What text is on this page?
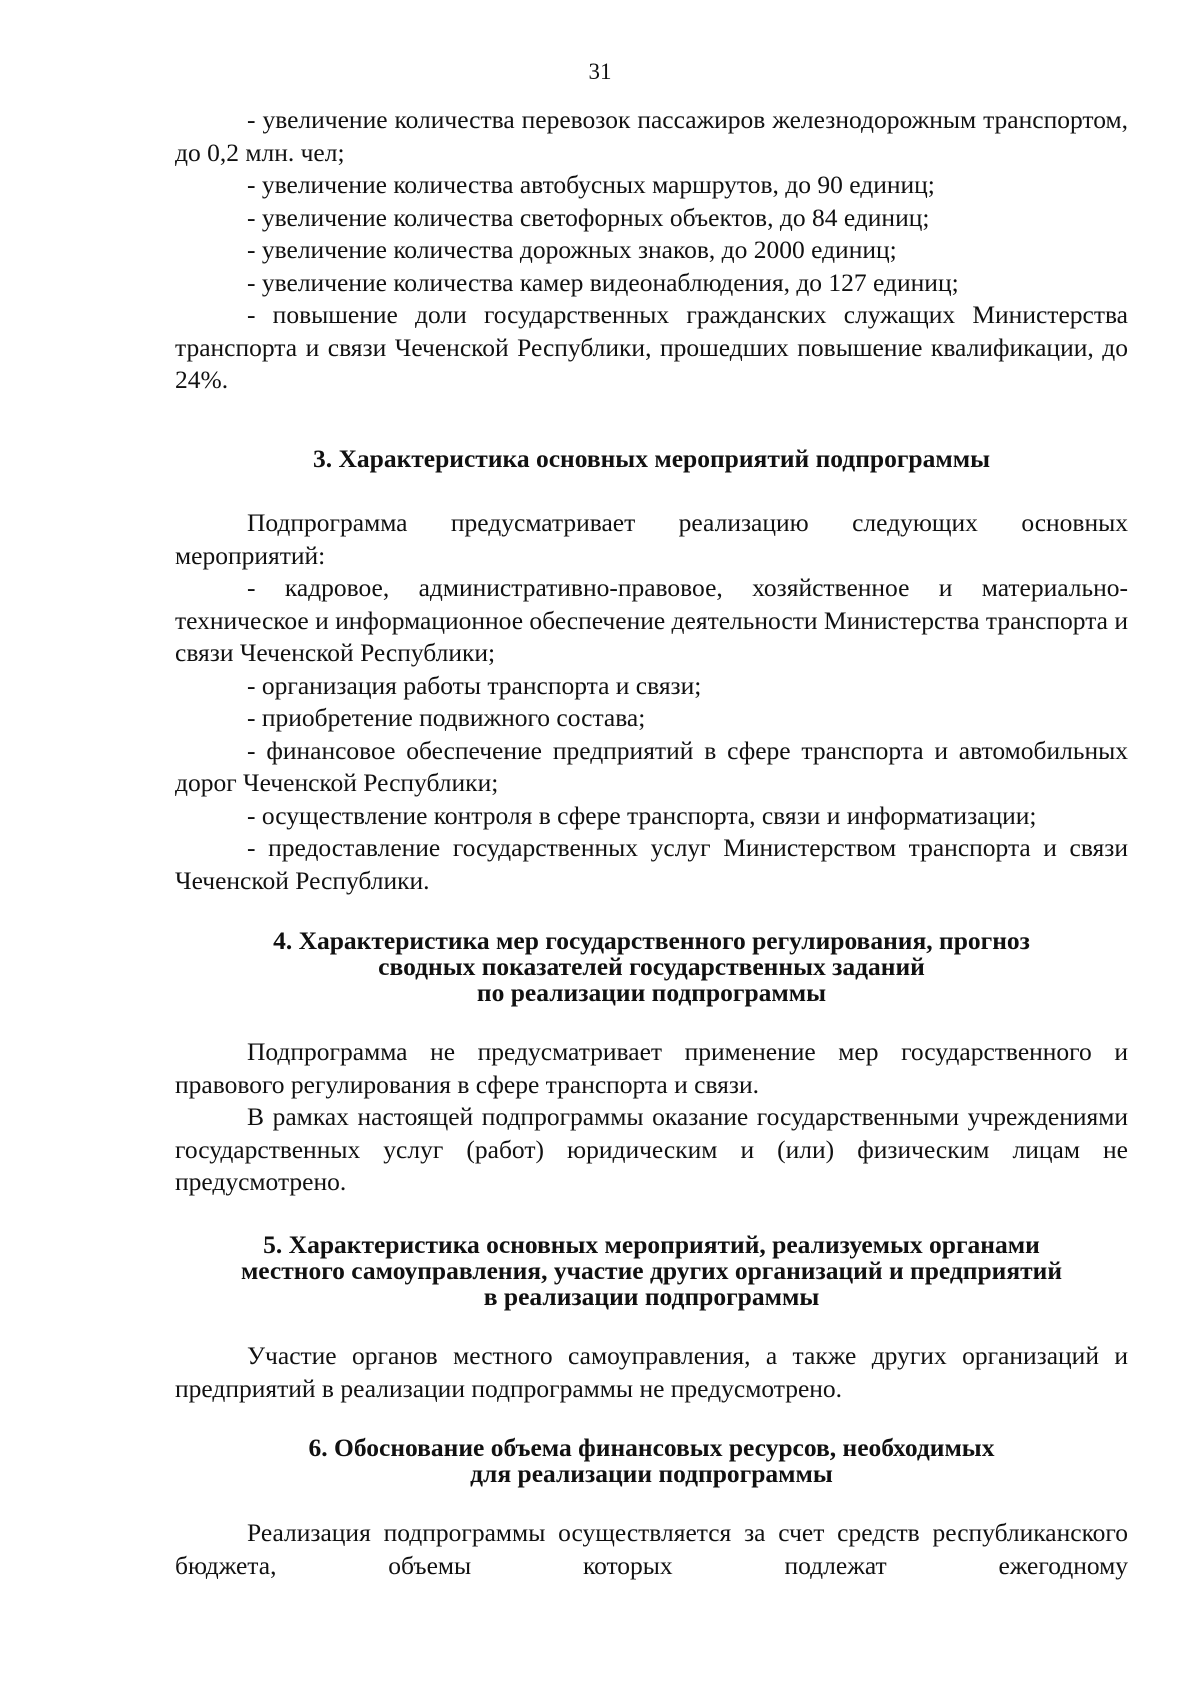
31

- увеличение количества перевозок пассажиров железнодорожным транспортом, до 0,2 млн. чел;

- увеличение количества автобусных маршрутов, до 90 единиц;

- увеличение количества светофорных объектов, до 84 единиц;

- увеличение количества дорожных знаков, до 2000 единиц;

- увеличение количества камер видеонаблюдения, до 127 единиц;

- повышение доли государственных гражданских служащих Министерства транспорта и связи Чеченской Республики, прошедших повышение квалификации, до 24%.

3. Характеристика основных мероприятий подпрограммы

Подпрограмма предусматривает реализацию следующих основных мероприятий:

- кадровое, административно-правовое, хозяйственное и материально-техническое и информационное обеспечение деятельности Министерства транспорта и связи Чеченской Республики;

- организация работы транспорта и связи;

- приобретение подвижного состава;

- финансовое обеспечение предприятий в сфере транспорта и автомобильных дорог Чеченской Республики;

- осуществление контроля в сфере транспорта, связи и информатизации;

- предоставление государственных услуг Министерством транспорта и связи Чеченской Республики.

4. Характеристика мер государственного регулирования, прогноз

сводных показателей государственных заданий

по реализации подпрограммы

Подпрограмма не предусматривает применение мер государственного и правового регулирования в сфере транспорта и связи.

В рамках настоящей подпрограммы оказание государственными учреждениями государственных услуг (работ) юридическим и (или) физическим лицам не предусмотрено.

5. Характеристика основных мероприятий, реализуемых органами

местного самоуправления, участие других организаций и предприятий

в реализации подпрограммы

Участие органов местного самоуправления, а также других организаций и предприятий в реализации подпрограммы не предусмотрено.

6. Обоснование объема финансовых ресурсов, необходимых

для реализации подпрограммы

Реализация подпрограммы осуществляется за счет средств республиканского бюджета, объемы которых подлежат ежегодному
